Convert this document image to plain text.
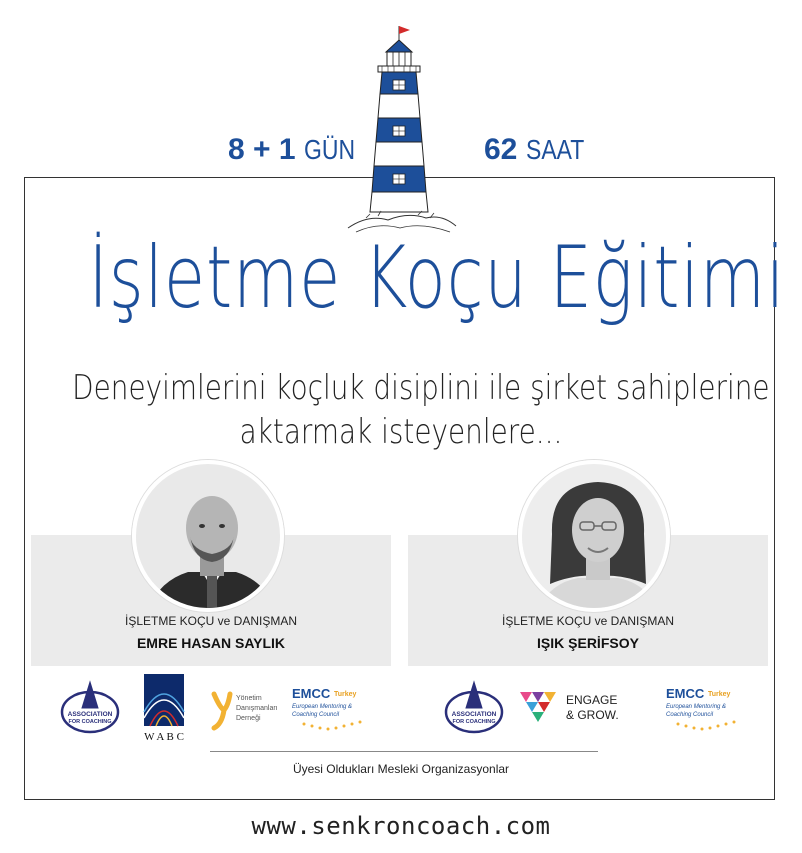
8 + 1 GÜN	62 SAAT
İşletme Koçu Eğitimi
Deneyimlerini koçluk disiplini ile şirket sahiplerine
aktarmak isteyenlere...
İŞLETME KOÇU ve DANIŞMAN
EMRE HASAN SAYLIK
İŞLETME KOÇU ve DANIŞMAN
IŞIK ŞERİFSOY
ASSOCIATION
FOR COACHING
W A B C
Yönetim
Danışmanları
Derneği
EMCC Turkey
European Mentoring &
Coaching Council	ASSOCIATION
FOR COACHING
ENGAGE
& GROW.
EMCC Turkey
European Mentoring &
Coaching Council
Üyesi Oldukları Mesleki Organizasyonlar
www.senkroncoach.com
